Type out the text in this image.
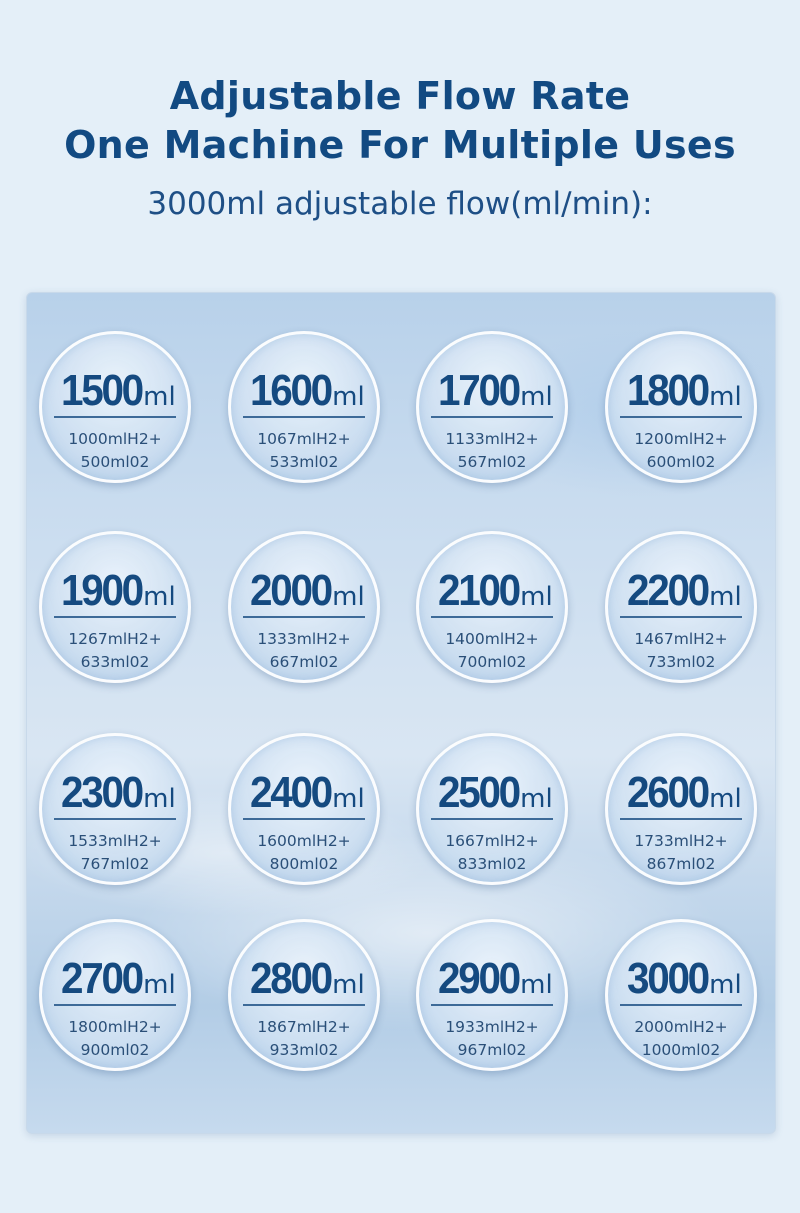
Adjustable Flow Rate
One Machine For Multiple Uses

3000ml adjustable flow(ml/min):

1500ml
1000mlH2+
500ml02
1600ml
1067mlH2+
533ml02
1700ml
1133mlH2+
567ml02
1800ml
1200mlH2+
600ml02
1900ml
1267mlH2+
633ml02
2000ml
1333mlH2+
667ml02
2100ml
1400mlH2+
700ml02
2200ml
1467mlH2+
733ml02
2300ml
1533mlH2+
767ml02
2400ml
1600mlH2+
800ml02
2500ml
1667mlH2+
833ml02
2600ml
1733mlH2+
867ml02
2700ml
1800mlH2+
900ml02
2800ml
1867mlH2+
933ml02
2900ml
1933mlH2+
967ml02
3000ml
2000mlH2+
1000ml02
